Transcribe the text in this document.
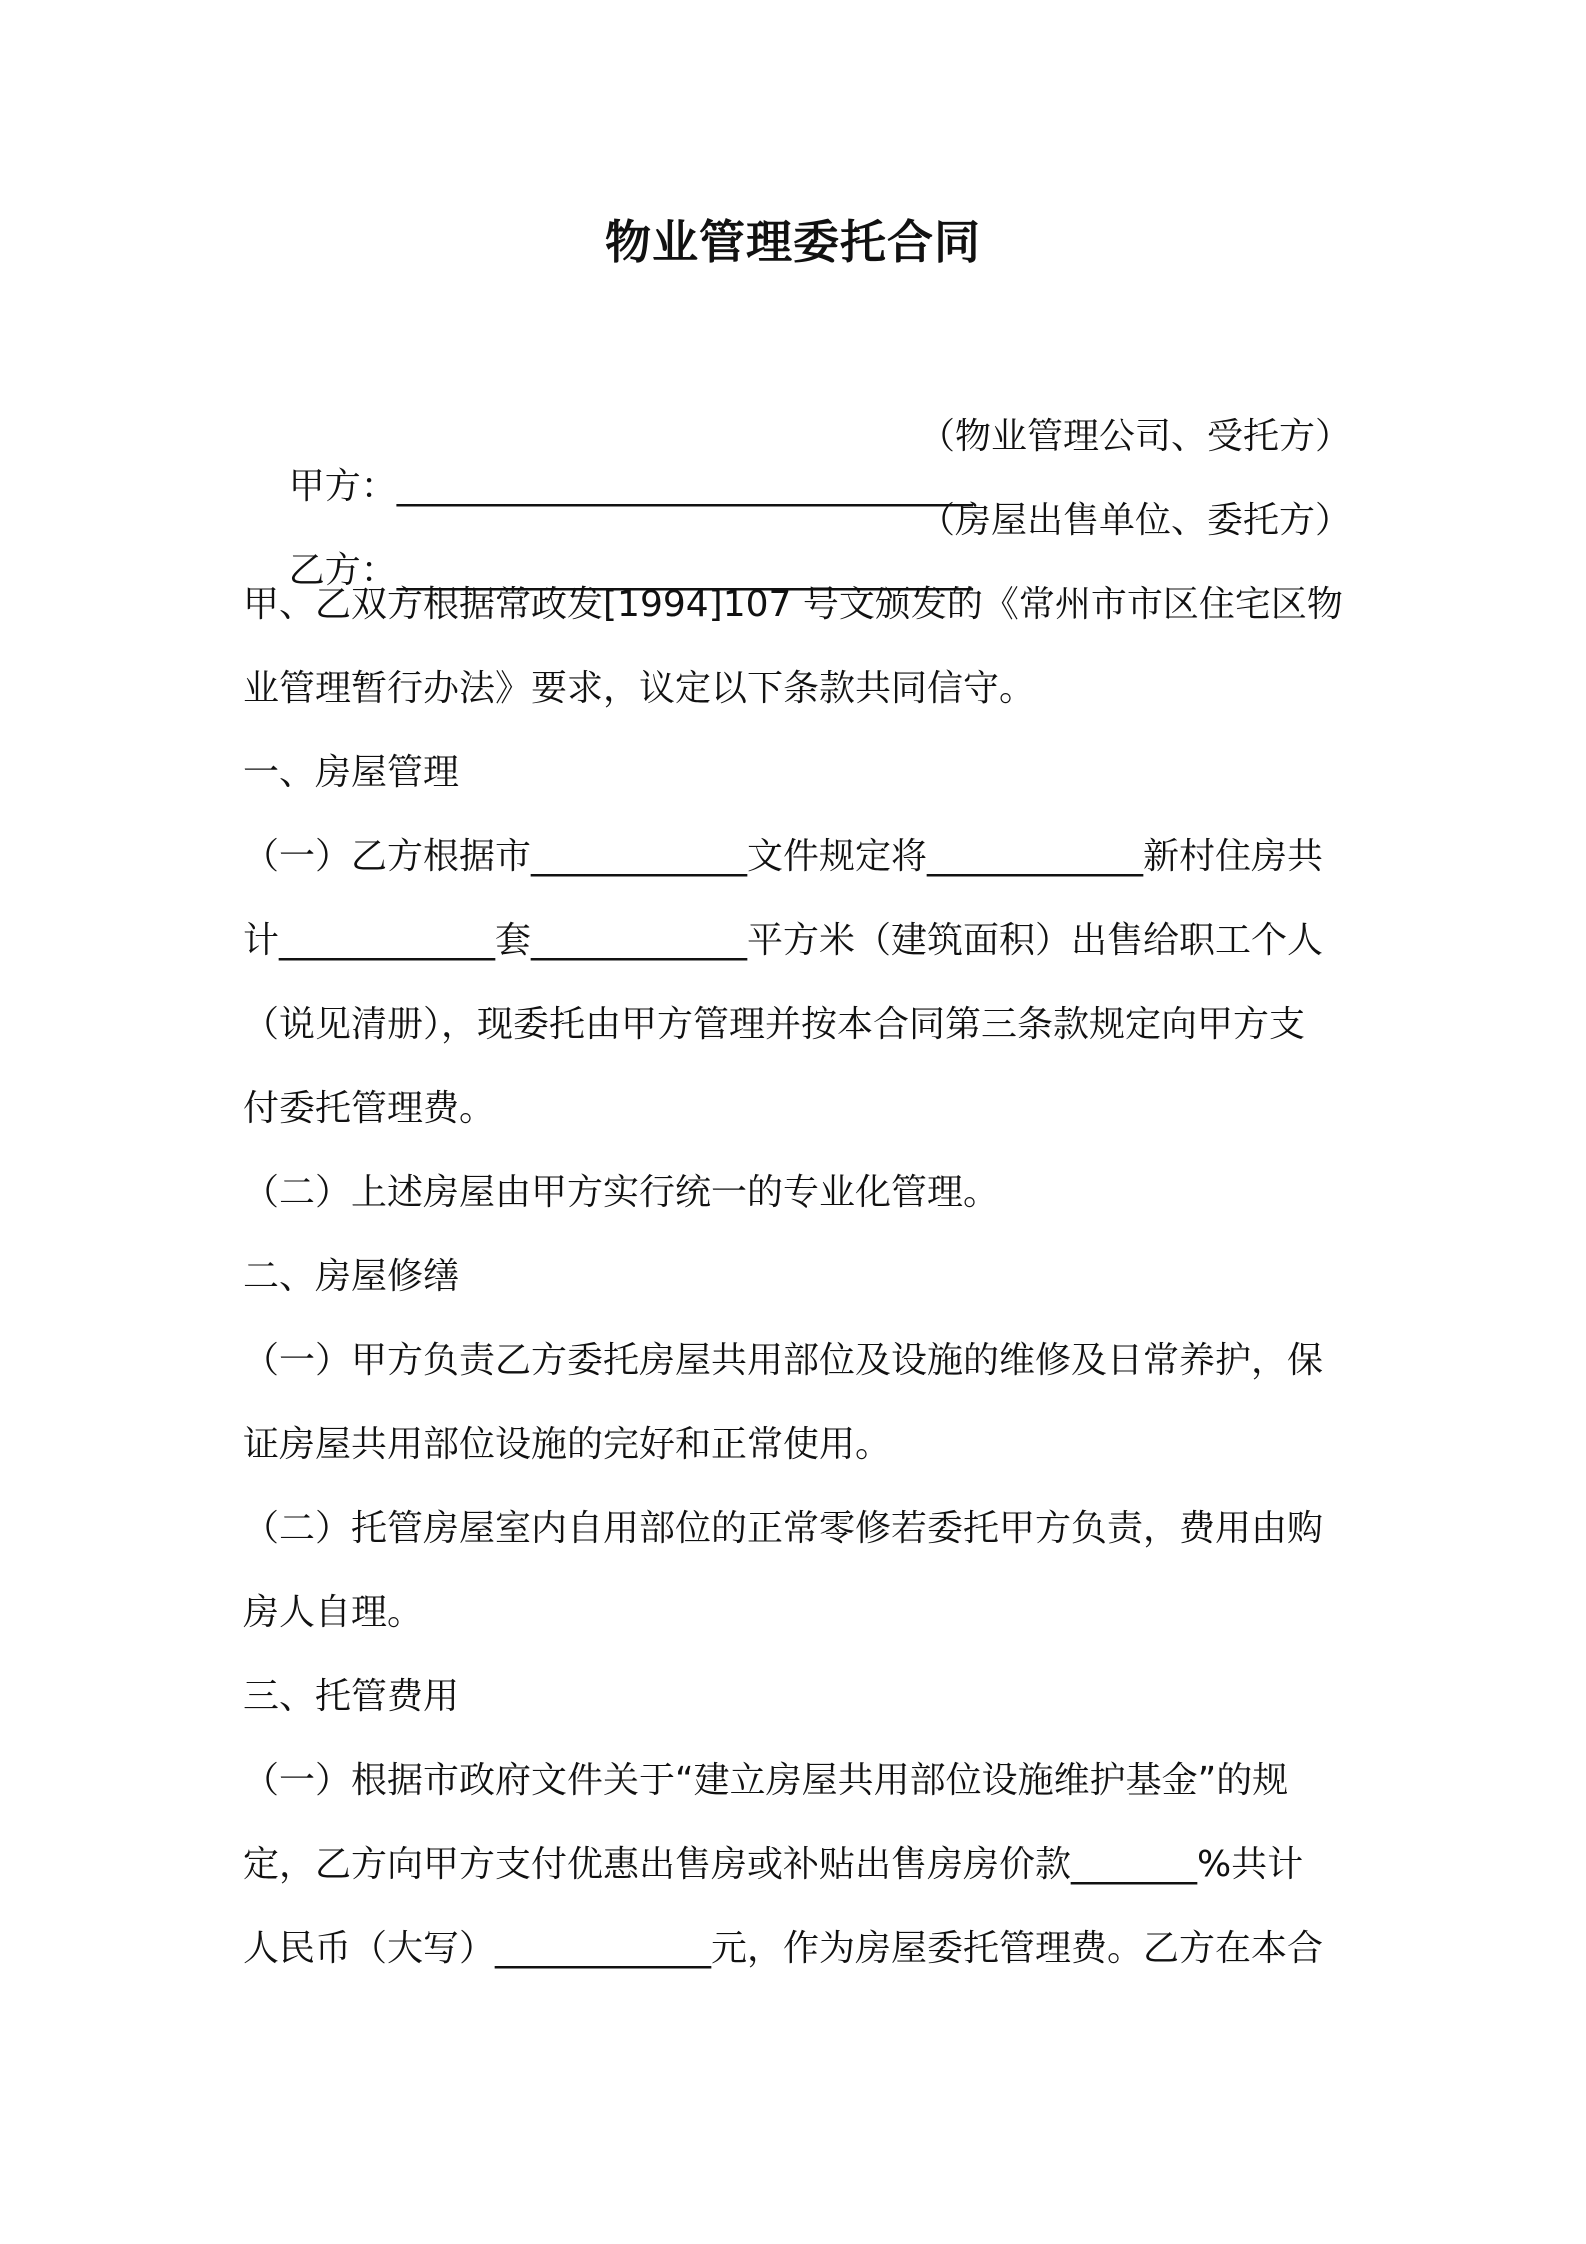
物业管理委托合同

甲方：________________________________

（物业管理公司、受托方）

乙方：________________________________

（房屋出售单位、委托方）

甲、乙双方根据常政发[1994]107 号文颁发的《常州市市区住宅区物
业管理暂行办法》要求，议定以下条款共同信守。
一、房屋管理
（一）乙方根据市____________文件规定将____________新村住房共
计____________套____________平方米（建筑面积）出售给职工个人
（说见清册），现委托由甲方管理并按本合同第三条款规定向甲方支
付委托管理费。
（二）上述房屋由甲方实行统一的专业化管理。
二、房屋修缮
（一）甲方负责乙方委托房屋共用部位及设施的维修及日常养护，保
证房屋共用部位设施的完好和正常使用。
（二）托管房屋室内自用部位的正常零修若委托甲方负责，费用由购
房人自理。
三、托管费用
（一）根据市政府文件关于“建立房屋共用部位设施维护基金”的规
定，乙方向甲方支付优惠出售房或补贴出售房房价款_______%共计
人民币（大写）____________元，作为房屋委托管理费。乙方在本合
